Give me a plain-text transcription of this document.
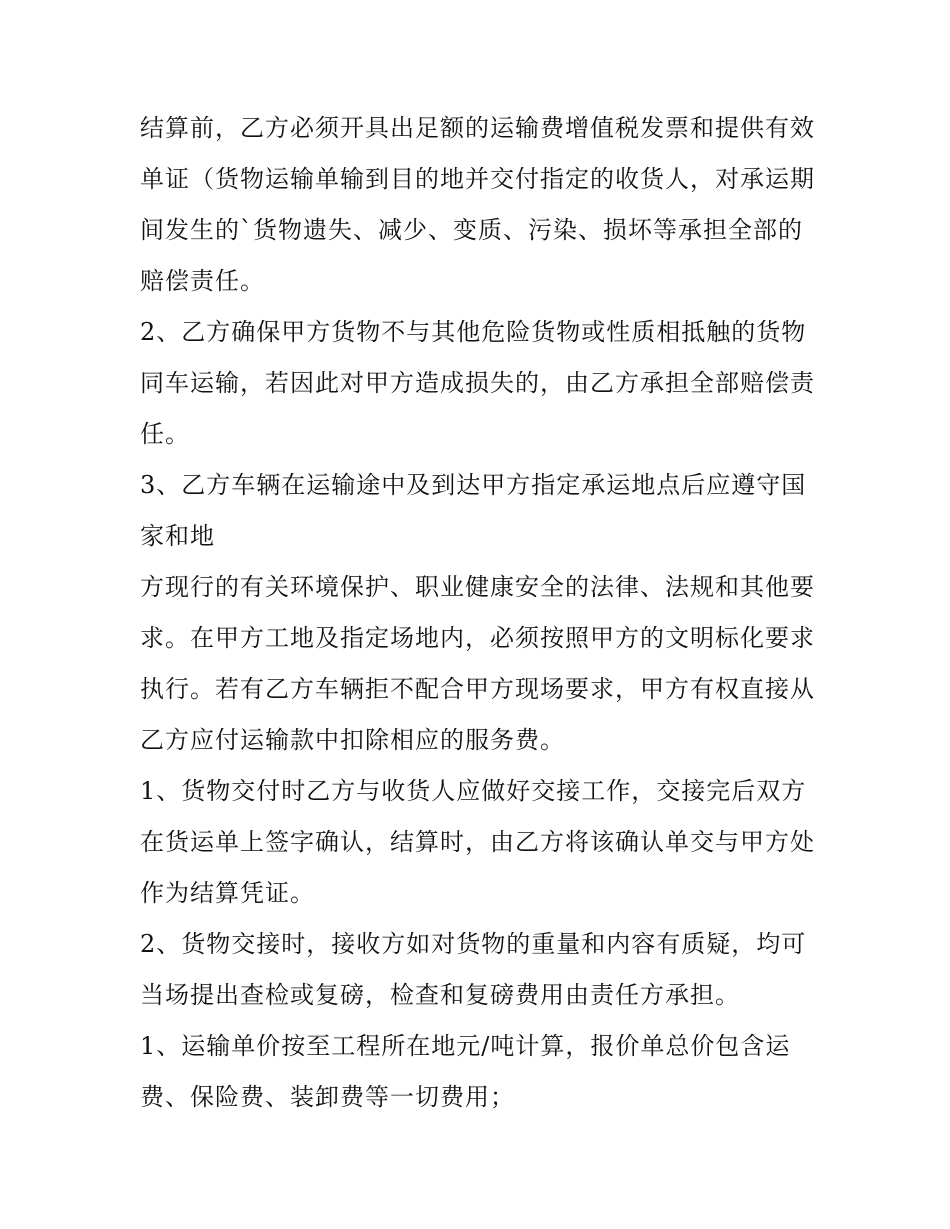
结算前，乙方必须开具出足额的运输费增值税发票和提供有效
单证（货物运输单输到目的地并交付指定的收货人，对承运期
间发生的`货物遗失、减少、变质、污染、损坏等承担全部的
赔偿责任。
2、乙方确保甲方货物不与其他危险货物或性质相抵触的货物
同车运输，若因此对甲方造成损失的，由乙方承担全部赔偿责
任。
3、乙方车辆在运输途中及到达甲方指定承运地点后应遵守国
家和地
方现行的有关环境保护、职业健康安全的法律、法规和其他要
求。在甲方工地及指定场地内，必须按照甲方的文明标化要求
执行。若有乙方车辆拒不配合甲方现场要求，甲方有权直接从
乙方应付运输款中扣除相应的服务费。
1、货物交付时乙方与收货人应做好交接工作，交接完后双方
在货运单上签字确认，结算时，由乙方将该确认单交与甲方处
作为结算凭证。
2、货物交接时，接收方如对货物的重量和内容有质疑，均可
当场提出查检或复磅，检查和复磅费用由责任方承担。
1、运输单价按至工程所在地元/吨计算，报价单总价包含运
费、保险费、装卸费等一切费用；
